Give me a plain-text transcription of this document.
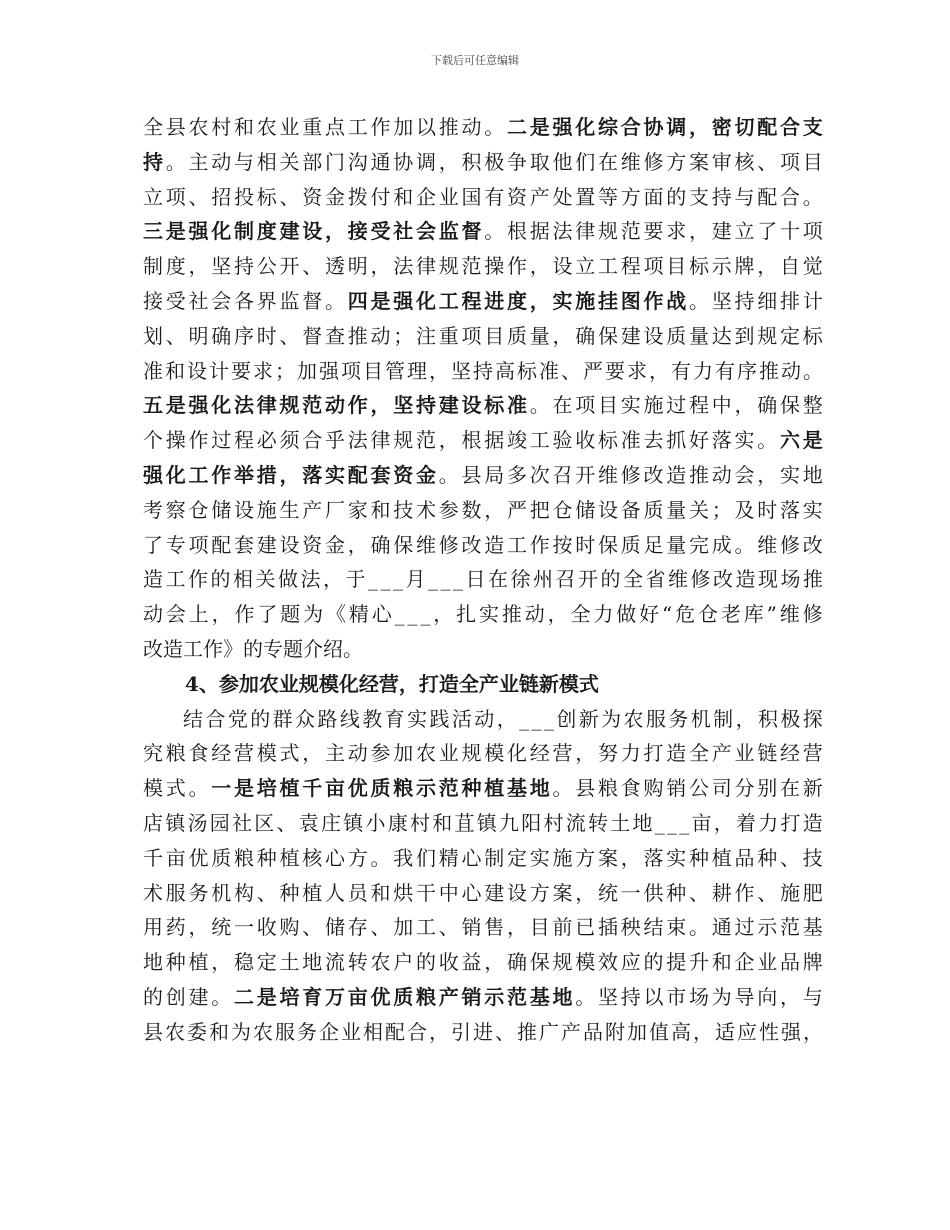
下载后可任意编辑
全 县 农 村 和 农 业 重 点 工 作 加 以 推 动 。 二 是 强 化 综 合 协 调 ， 密 切 配 合 支
持 。 主 动 与 相 关 部 门 沟 通 协 调 ， 积 极 争 取 他 们 在 维 修 方 案 审 核 、 项 目
立 项 、 招 投 标 、 资 金 拨 付 和 企 业 国 有 资 产 处 置 等 方 面 的 支 持 与 配 合 。
三 是 强 化 制 度 建 设 ， 接 受 社 会 监 督 。 根 据 法 律 规 范 要 求 ， 建 立 了 十 项
制 度 ， 坚 持 公 开 、 透 明 ， 法 律 规 范 操 作 ， 设 立 工 程 项 目 标 示 牌 ， 自 觉
接 受 社 会 各 界 监 督 。 四 是 强 化 工 程 进 度 ， 实 施 挂 图 作 战 。 坚 持 细 排 计
划 、 明 确 序 时 、 督 查 推 动 ； 注 重 项 目 质 量 ， 确 保 建 设 质 量 达 到 规 定 标
准 和 设 计 要 求 ； 加 强 项 目 管 理 ， 坚 持 高 标 准 、 严 要 求 ， 有 力 有 序 推 动 。
五 是 强 化 法 律 规 范 动 作 ， 坚 持 建 设 标 准 。 在 项 目 实 施 过 程 中 ， 确 保 整
个 操 作 过 程 必 须 合 乎 法 律 规 范 ， 根 据 竣 工 验 收 标 准 去 抓 好 落 实 。 六 是
强 化 工 作 举 措 ， 落 实 配 套 资 金 。 县 局 多 次 召 开 维 修 改 造 推 动 会 ， 实 地
考 察 仓 储 设 施 生 产 厂 家 和 技 术 参 数 ， 严 把 仓 储 设 备 质 量 关 ； 及 时 落 实
了 专 项 配 套 建 设 资 金 ， 确 保 维 修 改 造 工 作 按 时 保 质 足 量 完 成 。 维 修 改
造 工 作 的 相 关 做 法 ， 于 _ _ _ 月 _ _ _ 日 在 徐 州 召 开 的 全 省 维 修 改 造 现 场 推
动 会 上 ， 作 了 题 为 《 精 心 _ _ _ ， 扎 实 推 动 ， 全 力 做 好 “ 危 仓 老 库 ” 维 修
改造工作》的专题介绍。
4、参加农业规模化经营，打造全产业链新模式
结 合 党 的 群 众 路 线 教 育 实 践 活 动 ， _ _ _ 创 新 为 农 服 务 机 制 ， 积 极 探
究 粮 食 经 营 模 式 ， 主 动 参 加 农 业 规 模 化 经 营 ， 努 力 打 造 全 产 业 链 经 营
模 式 。 一 是 培 植 千 亩 优 质 粮 示 范 种 植 基 地 。 县 粮 食 购 销 公 司 分 别 在 新
店 镇 汤 园 社 区 、 袁 庄 镇 小 康 村 和 苴 镇 九 阳 村 流 转 土 地 _ _ _ 亩 ， 着 力 打 造
千 亩 优 质 粮 种 植 核 心 方 。 我 们 精 心 制 定 实 施 方 案 ， 落 实 种 植 品 种 、 技
术 服 务 机 构 、 种 植 人 员 和 烘 干 中 心 建 设 方 案 ， 统 一 供 种 、 耕 作 、 施 肥
用 药 ， 统 一 收 购 、 储 存 、 加 工 、 销 售 ， 目 前 已 插 秧 结 束 。 通 过 示 范 基
地 种 植 ， 稳 定 土 地 流 转 农 户 的 收 益 ， 确 保 规 模 效 应 的 提 升 和 企 业 品 牌
的 创 建 。 二 是 培 育 万 亩 优 质 粮 产 销 示 范 基 地 。 坚 持 以 市 场 为 导 向 ， 与
县 农 委 和 为 农 服 务 企 业 相 配 合 ， 引 进 、 推 广 产 品 附 加 值 高 ， 适 应 性 强 ，
